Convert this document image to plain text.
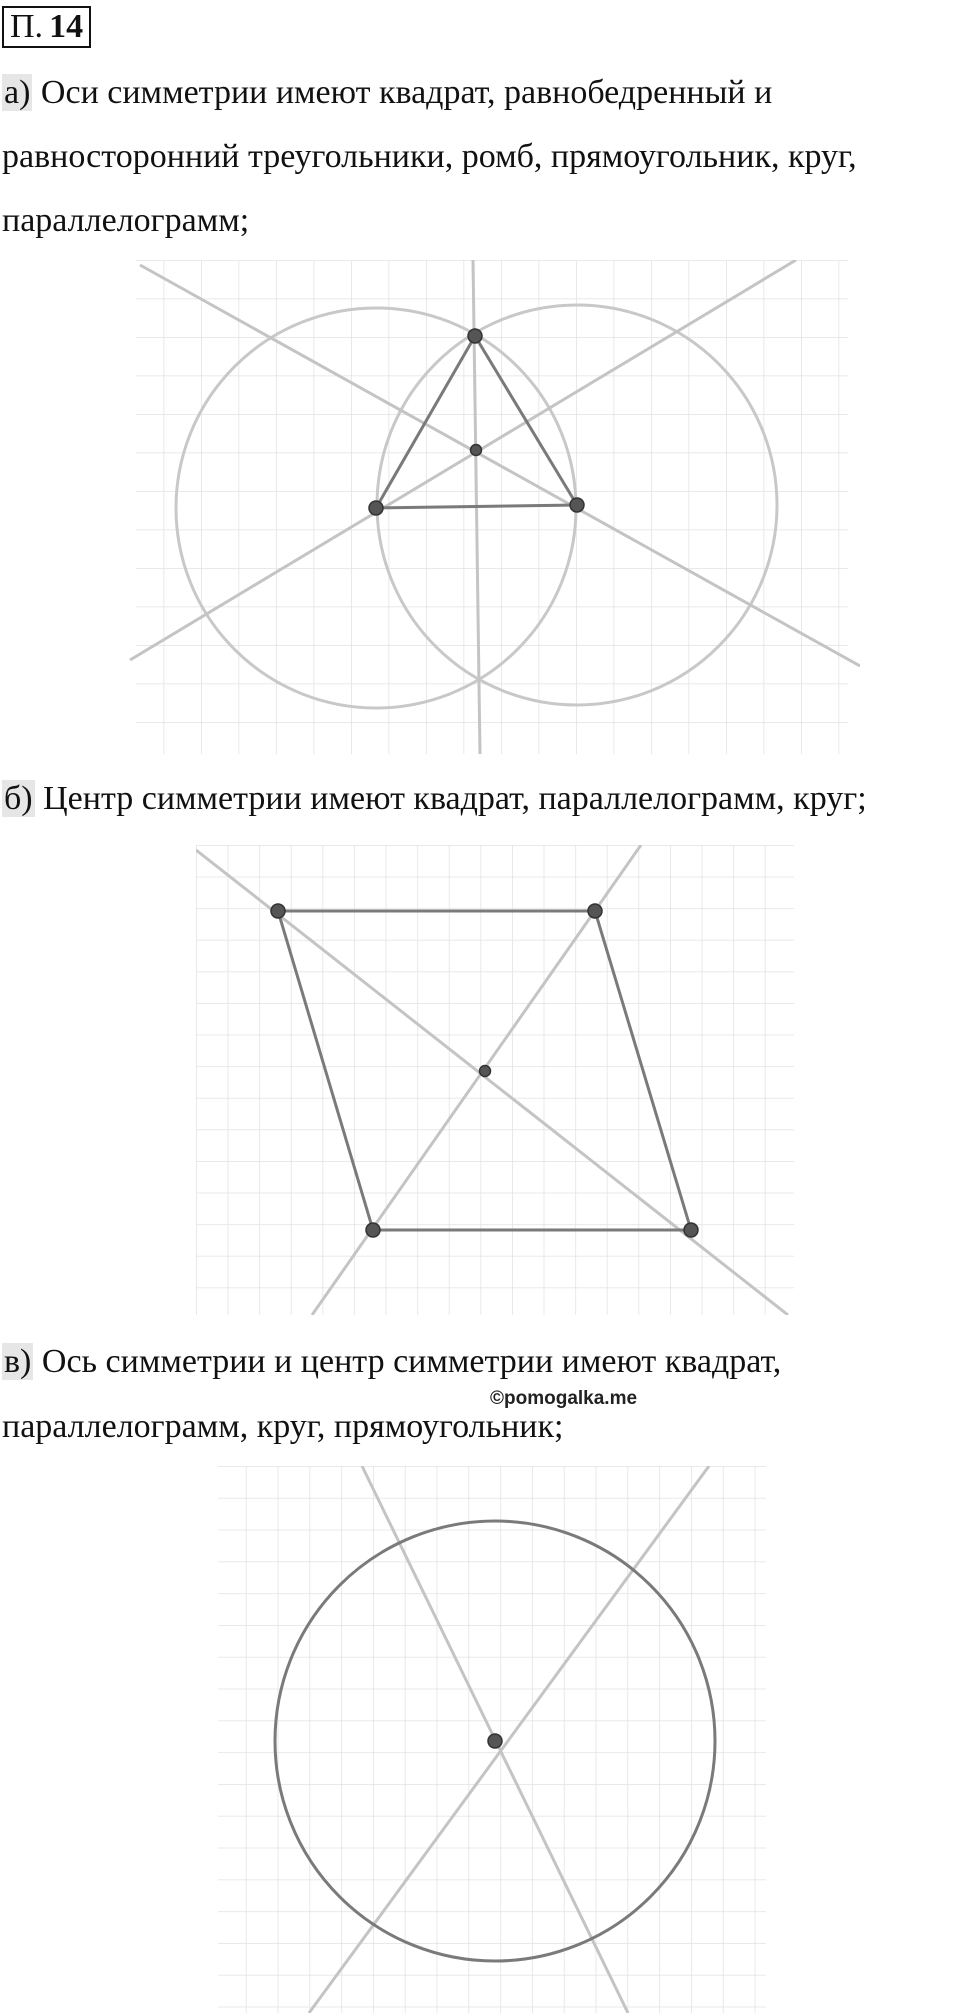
П. 14
а) Оси симметрии имеют квадрат, равнобедренный и
равносторонний треугольники, ромб, прямоугольник, круг,
параллелограмм;
б) Центр симметрии имеют квадрат, параллелограмм, круг;
в) Ось симметрии и центр симметрии имеют квадрат,
©pomogalka.me
параллелограмм, круг, прямоугольник;
